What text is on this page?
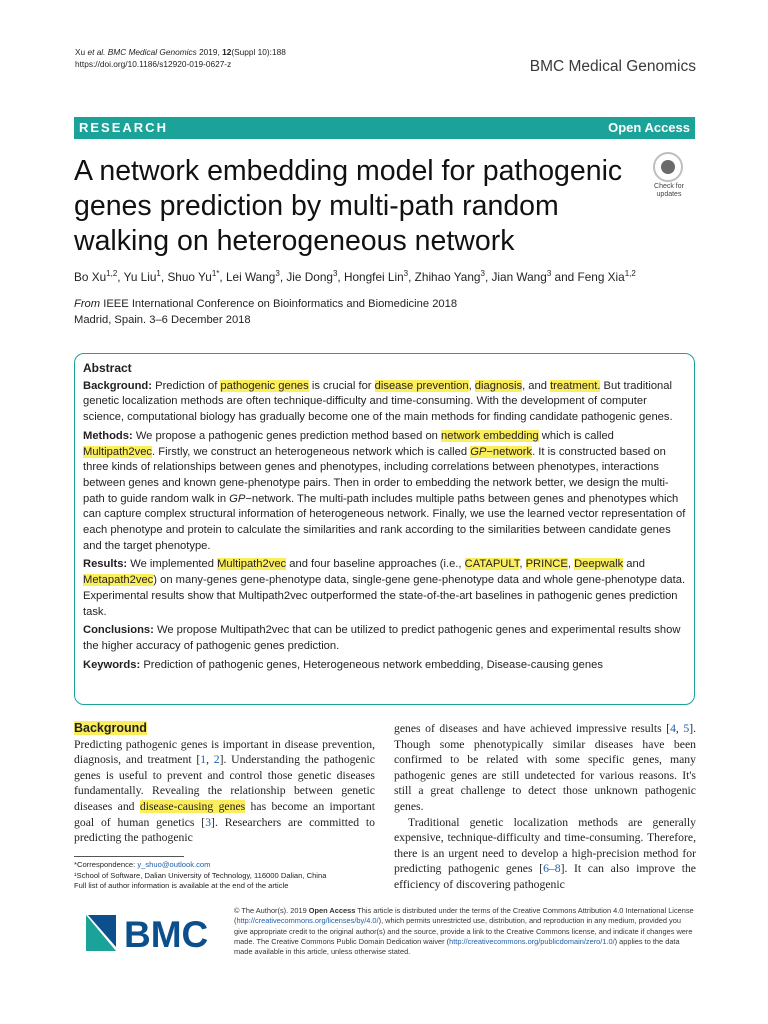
Xu et al. BMC Medical Genomics 2019, 12(Suppl 10):188
https://doi.org/10.1186/s12920-019-0627-z	BMC Medical Genomics
RESEARCH	Open Access
A network embedding model for pathogenic genes prediction by multi-path random walking on heterogeneous network
Check for
updates
Bo Xu$^{1,2}$, Yu Liu$^1$, Shuo $Yu^{1*}$, Lei Wang$^3$, Jie Dong$^3$, Hongfei Lin$^3$, Zhihao Yang$^3$, Jian Wang$^3$ and Feng Xia$^{1,2}$
From IEEE International Conference on Bioinformatics and Biomedicine 2018
Madrid, Spain. 3–6 December 2018
Abstract

Background: Prediction of pathogenic genes is crucial for disease prevention, diagnosis, and treatment. But traditional genetic localization methods are often technique-difficulty and time-consuming. With the development of computer science, computational biology has gradually become one of the main methods for finding candidate pathogenic genes.

Methods: We propose a pathogenic genes prediction method based on network embedding which is called Multipath2vec. Firstly, we construct an heterogeneous network which is called GP−network. It is constructed based on three kinds of relationships between genes and phenotypes, including correlations between phenotypes, interactions between genes and known gene-phenotype pairs. Then in order to embedding the network better, we design the multi-path to guide random walk in GP−network. The multi-path includes multiple paths between genes and phenotypes which can capture complex structural information of heterogeneous network. Finally, we use the learned vector representation of each phenotype and protein to calculate the similarities and rank according to the similarities between candidate genes and the target phenotype.

Results: We implemented Multipath2vec and four baseline approaches (i.e., CATAPULT, PRINCE, Deepwalk and Metapath2vec) on many-genes gene-phenotype data, single-gene gene-phenotype data and whole gene-phenotype data. Experimental results show that Multipath2vec outperformed the state-of-the-art baselines in pathogenic genes prediction task.

Conclusions: We propose Multipath2vec that can be utilized to predict pathogenic genes and experimental results show the higher accuracy of pathogenic genes prediction.

Keywords: Prediction of pathogenic genes, Heterogeneous network embedding, Disease-causing genes

Background

Predicting pathogenic genes is important in disease prevention, diagnosis, and treatment [1, 2]. Understanding the pathogenic genes is useful to prevent and control those genetic diseases fundamentally. Revealing the relationship between genetic diseases and disease-causing genes has become an important goal of human genetics [3]. Researchers are committed to predicting the pathogenic

genes of diseases and have achieved impressive results [4, 5]. Though some phenotypically similar diseases have been confirmed to be related with some specific genes, many pathogenic genes are still undetected for various reasons. It's still a great challenge to detect those unknown pathogenic genes.

Traditional genetic localization methods are generally expensive, technique-difficulty and time-consuming. Therefore, there is an urgent need to develop a high-precision method for predicting pathogenic genes [6–8]. It can also improve the efficiency of discovering pathogenic

*Correspondence: y_shuo@outlook.com
¹School of Software, Dalian University of Technology, 116000 Dalian, China
Full list of author information is available at the end of the article
BMC
© The Author(s). 2019 Open Access This article is distributed under the terms of the Creative Commons Attribution 4.0 International License (http://creativecommons.org/licenses/by/4.0/), which permits unrestricted use, distribution, and reproduction in any medium, provided you give appropriate credit to the original author(s) and the source, provide a link to the Creative Commons license, and indicate if changes were made. The Creative Commons Public Domain Dedication waiver (http://creativecommons.org/publicdomain/zero/1.0/) applies to the data made available in this article, unless otherwise stated.
